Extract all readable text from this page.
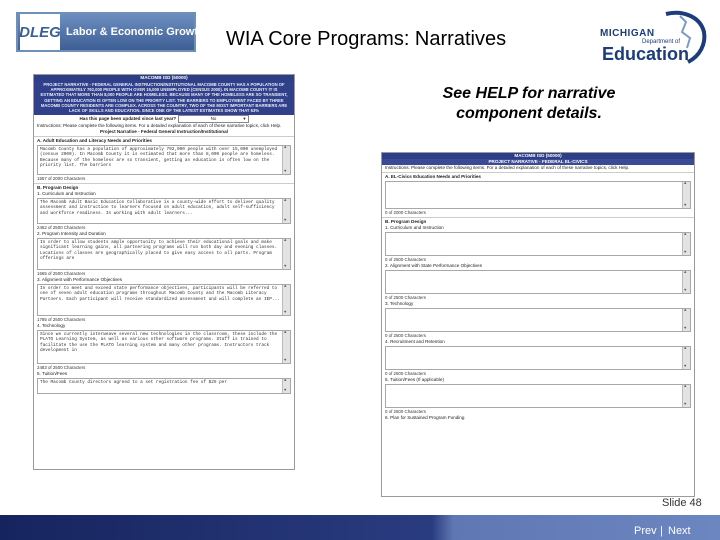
DLEG Labor & Economic Growth WIA Core Programs: Narratives	MICHIGAN
Department of
Education
See HELP for narrative component details.
MACOMB ISD (50000)
PROJECT NARRATIVE - FEDERAL GENERAL INSTRUCTION/INSTITUTIONAL MACOMB COUNTY HAS A POPULATION OF APPROXIMATELY 792,000 PEOPLE WITH OVER 15,000 UNEMPLOYED (CENSUS 2000). IN MACOMB COUNTY IT IS ESTIMATED THAT MORE THAN 8,000 PEOPLE ARE HOMELESS. BECAUSE MANY OF THE HOMELESS ARE SO TRANSIENT, GETTING AN EDUCATION IS OFTEN LOW ON THE PRIORITY LIST. THE BARRIERS TO EMPLOYMENT FACED BY THREE MACOMB COUNTY RESIDENTS ARE COMPLEX. ACROSS THE COUNTRY, TWO OF THE MOST IMPORTANT BARRIERS ARE LACK OF SKILLS AND EDUCATION. SINCE ONE OF THE LATEST ESTIMATES SHOW THAT 63%
Has this page been updated since last year?	No ▼
Instructions: Please complete the following items. For a detailed explanation of each of these narrative topics, click Help.
Project Narrative - Federal General Instruction/Institutional
A. Adult Education and Literacy Needs and Priorities
Macomb County has a population of approximately 792,000 people with over 15,000 unemployed (census 2000). In Macomb County it is estimated that more than 8,000 people are homeless. Because many of the homeless are so transient, getting an education is often low on the priority list. The barriers
▲ ▼
1557 of 2000 Characters
B. Program Design
1. Curriculum and Instruction
The Macomb Adult Basic Education Collaborative is a county-wide effort to deliver quality assessment and instruction to learners focused on adult education, adult self-sufficiency and workforce readiness. In working with adult learners...
▲ ▼
2462 of 2500 Characters
2. Program Intensity and Duration
In order to allow students ample opportunity to achieve their educational goals and make significant learning gains, all partnering programs will run both day and evening classes. Locations of classes are geographically placed to give easy access to all parts. Program offerings are
▲ ▼
1665 of 2500 Characters
3. Alignment with Performance Objectives
In order to meet and exceed state performance objectives, participants will be referred to one of seven adult education programs throughout Macomb County and the Macomb Literacy Partners. Each participant will receive standardized assessment and will complete an IEP...
▲ ▼
1785 of 2500 Characters
4. Technology
Since we currently interweave several new technologies in the classroom, these include the PLATO Learning System, as well as various other software programs. Staff is trained to facilitate the use the PLATO learning system and many other programs. Instructors track development in
▲ ▼
2483 of 2500 Characters
5. Tuition/Fees
The Macomb County directors agreed to a set registration fee of $25 per
▲ ▼
MACOMB ISD (50000)
PROJECT NARRATIVE - FEDERAL EL-CIVICS
Instructions: Please complete the following items. For a detailed explanation of each of these narrative topics, click Help.
A. EL-Civics Education Needs and Priorities
▲ ▼
0 of 2000 Characters
B. Program Design
1. Curriculum and Instruction
▲ ▼
0 of 2500 Characters
2. Alignment with State Performance Objectives
▲ ▼
0 of 2500 Characters
3. Technology
▲ ▼
0 of 2500 Characters
4. Recruitment and Retention
▲ ▼
0 of 2500 Characters
5. Tuition/Fees (If applicable)
▲ ▼
0 of 2500 Characters
6. Plan for Sustained Program Funding
Slide 48
Prev | Next
